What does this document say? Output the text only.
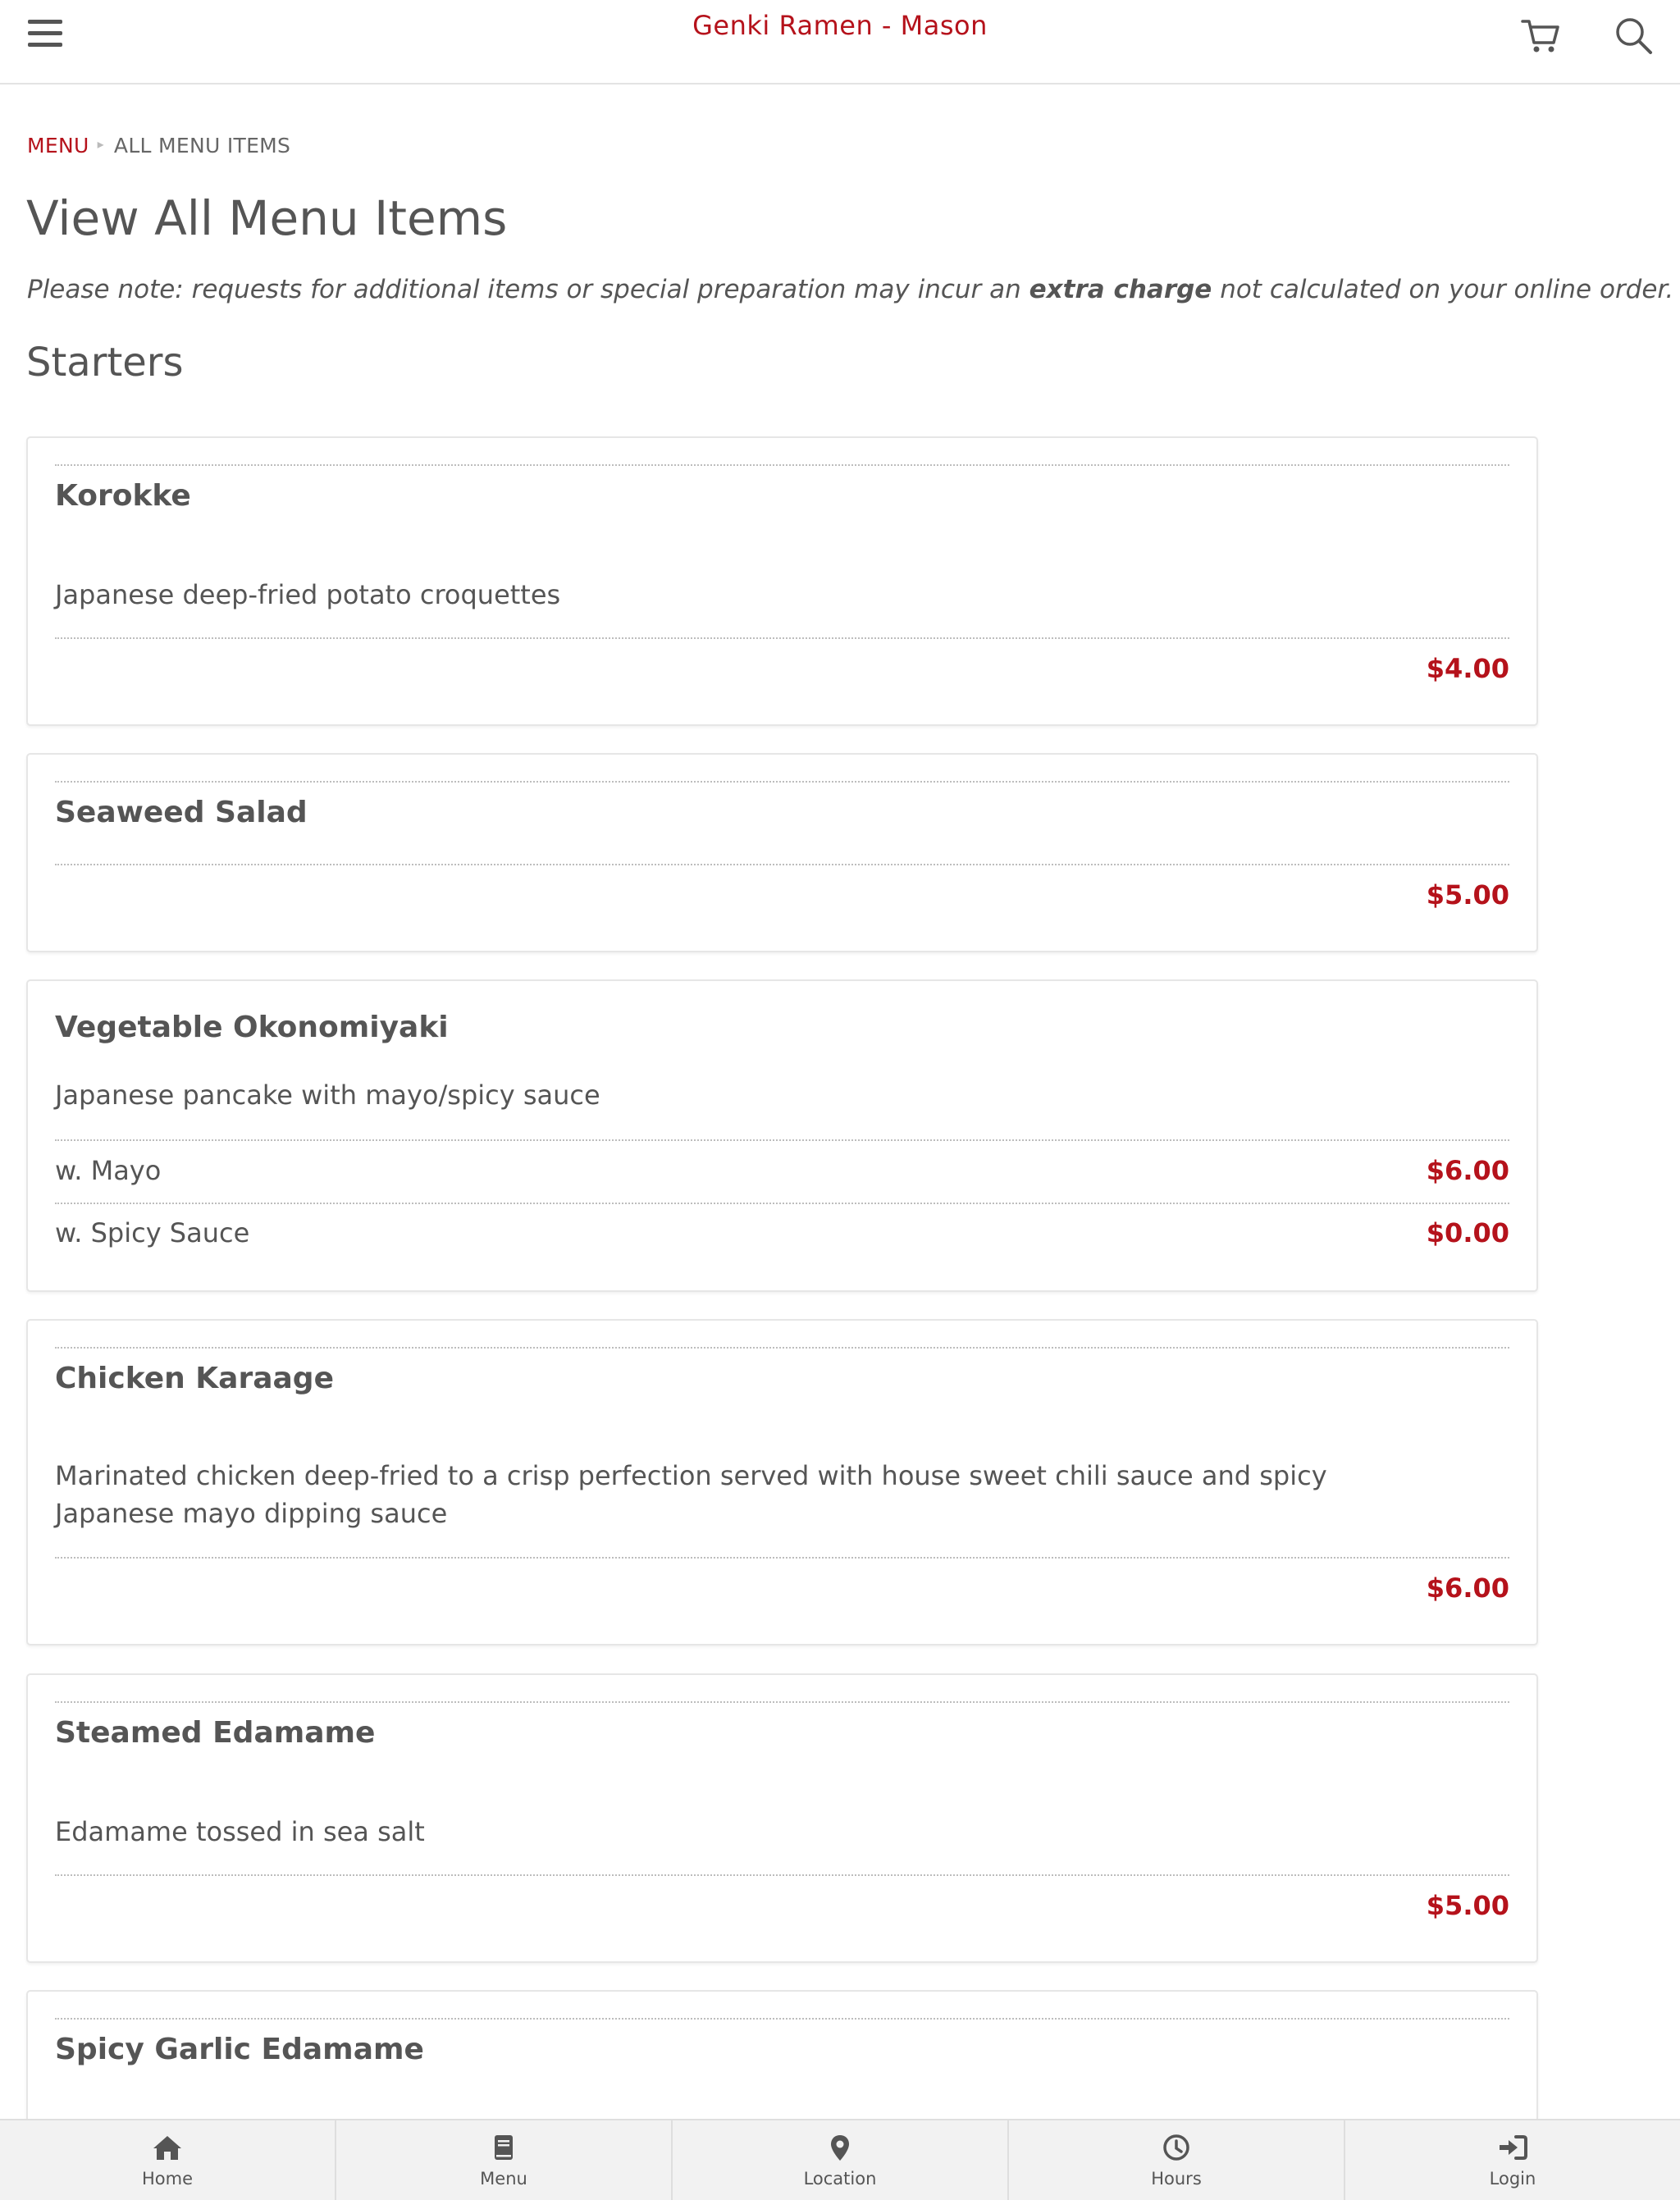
Genki Ramen - Mason
MENU ▸ ALL MENU ITEMS
View All Menu Items
Please note: requests for additional items or special preparation may incur an extra charge not calculated on your online order.
Starters
Korokke
Japanese deep-fried potato croquettes
$4.00
Seaweed Salad
$5.00
Vegetable Okonomiyaki
Japanese pancake with mayo/spicy sauce
w. Mayo	$6.00
w. Spicy Sauce	$0.00
Chicken Karaage
Marinated chicken deep-fried to a crisp perfection served with house sweet chili sauce and spicy Japanese mayo dipping sauce
$6.00
Steamed Edamame
Edamame tossed in sea salt
$5.00
Spicy Garlic Edamame
Home	Menu	Location	Hours	Login
